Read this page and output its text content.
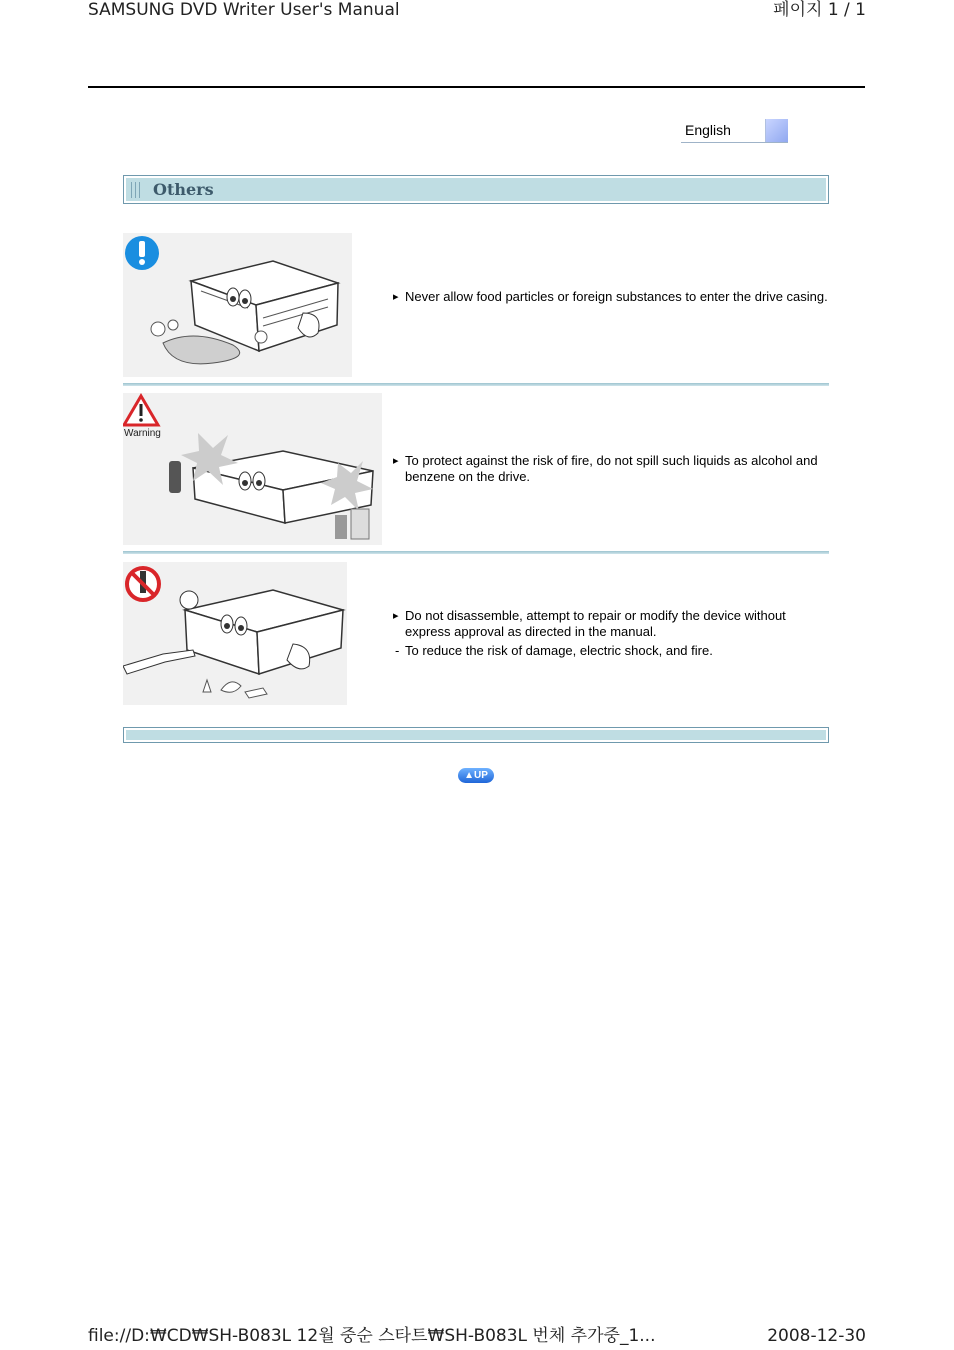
SAMSUNG DVD Writer User's Manual	페이지 1 / 1
English
Others
▸ Never allow food particles or foreign substances to enter the drive casing.
Warning
▸ To protect against the risk of fire, do not spill such liquids as alcohol and benzene on the drive.
▸ Do not disassemble, attempt to repair or modify the device without express approval as directed in the manual.
- To reduce the risk of damage, electric shock, and fire.
▲UP
file://D:₩CD₩SH-B083L 12월 중순 스타트₩SH-B083L 번체 추가중_1...	2008-12-30
